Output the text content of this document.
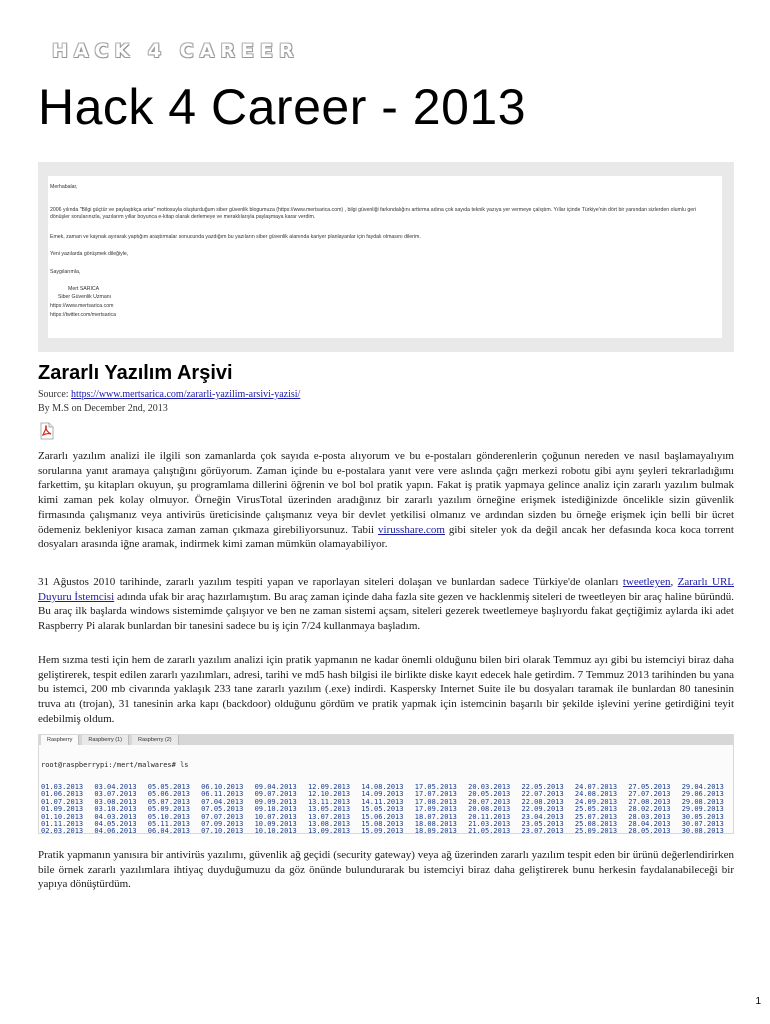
HACK 4 CAREER
Hack 4 Career - 2013

Merhabalar,

2006 yılında "Bilgi güçtür ve paylaştıkça artar" mottosuyla oluşturduğum siber güvenlik blogumuza (https://www.mertsarica.com) , bilgi güvenliği farkındalığını arttırma adına çok sayıda teknik yazıya yer vermeye çalıştım. Yıllar içinde Türkiye'nin dört bir yanından sizlerden olumlu geri dönüşler sorularınızla, yazılarım yıllar boyunca e-kitap olarak derlemeye ve meraklılarıyla paylaşmaya karar verdim.

Emek, zaman ve kaynak ayırarak yaptığım araştırmalar sonucunda yazdığım bu yazıların siber güvenlik alanında kariyer planlayanlar için faydalı olmasını dilerim.

Yeni yazılarda görüşmek dileğiyle,

Saygılarımla,

Mert SARICA

Siber Güvenlik Uzmanı

https://www.mertsarica.com

https://twitter.com/mertsarica

Zararlı Yazılım Arşivi
Source: https://www.mertsarica.com/zararli-yazilim-arsivi-yazisi/
By M.S on December 2nd, 2013

Zararlı yazılım analizi ile ilgili son zamanlarda çok sayıda e-posta alıyorum ve bu e-postaları gönderenlerin çoğunun nereden ve nasıl başlamayalıyım sorularına yanıt aramaya çalıştığını görüyorum. Zaman içinde bu e-postalara yanıt vere vere aslında çağrı merkezi robotu gibi aynı şeyleri tekrarladığımı farkettim, şu kitapları okuyun, şu programlama dillerini öğrenin ve bol bol pratik yapın. Fakat iş pratik yapmaya gelince analiz için zararlı yazılım bulmak kimi zaman pek kolay olmuyor. Örneğin VirusTotal üzerinden aradığınız bir zararlı yazılım örneğine erişmek istediğinizde öncelikle sizin güvenlik firmasında çalışmanız veya antivirüs üreticisinde çalışmanız veya bir devlet yetkilisi olmanız ve ardından sizden bu örneğe erişmek için belli bir ücret ödemeniz bekleniyor kısaca zaman zaman çıkmaza girebiliyorsunuz. Tabii virusshare.com gibi siteler yok da değil ancak her defasında koca koca torrent dosyaları arasında iğne aramak, indirmek kimi zaman mümkün olamayabiliyor.

31 Ağustos 2010 tarihinde, zararlı yazılım tespiti yapan ve raporlayan siteleri dolaşan ve bunlardan sadece Türkiye'de olanları tweetleyen, Zararlı URL Duyuru İstemcisi adında ufak bir araç hazırlamıştım. Bu araç zaman içinde daha fazla site gezen ve hacklenmiş siteleri de tweetleyen bir araç haline büründü. Bu araç ilk başlarda windows sistemimde çalışıyor ve ben ne zaman sistemi açsam, siteleri gezerek tweetlemeye başlıyordu fakat geçtiğimiz aylarda iki adet Raspberry Pi alarak bunlardan bir tanesini sadece bu iş için 7/24 kullanmaya başladım.

Hem sızma testi için hem de zararlı yazılım analizi için pratik yapmanın ne kadar önemli olduğunu bilen biri olarak Temmuz ayı gibi bu istemciyi biraz daha geliştirerek, tespit edilen zararlı yazılımları, adresi, tarihi ve md5 hash bilgisi ile birlikte diske kayıt edecek hale getirdim. 7 Temmuz 2013 tarihinden bu yana bu istemci, 200 mb civarında yaklaşık 233 tane zararlı yazılım (.exe) indirdi. Kaspersky Internet Suite ile bu dosyaları taramak ile bunlardan 80 tanesinin truva atı (trojan), 31 tanesinin arka kapı (backdoor) olduğunu gördüm ve pratik yapmak için istemcinin başarılı bir şekilde işlevini yerine getirdiğini teyit edebilmiş oldum.

Raspberry	Raspberry (1)	Raspberry (2)

root@raspberrypi:/mert/malwares# ls

01.03.2013	03.04.2013	05.05.2013	06.10.2013	09.04.2013	12.09.2013	14.08.2013	17.05.2013	20.03.2013	22.05.2013	24.07.2013	27.05.2013	29.04.2013
01.06.2013	03.07.2013	05.06.2013	06.11.2013	09.07.2013	12.10.2013	14.09.2013	17.07.2013	20.05.2013	22.07.2013	24.08.2013	27.07.2013	29.06.2013
01.07.2013	03.08.2013	05.07.2013	07.04.2013	09.09.2013	13.11.2013	14.11.2013	17.08.2013	20.07.2013	22.08.2013	24.09.2013	27.08.2013	29.08.2013
01.09.2013	03.10.2013	05.09.2013	07.05.2013	09.10.2013	13.05.2013	15.05.2013	17.09.2013	20.08.2013	22.09.2013	25.05.2013	28.02.2013	29.09.2013
01.10.2013	04.03.2013	05.10.2013	07.07.2013	10.07.2013	13.07.2013	15.06.2013	18.07.2013	20.11.2013	23.04.2013	25.07.2013	28.03.2013	30.05.2013
01.11.2013	04.05.2013	05.11.2013	07.09.2013	10.09.2013	13.08.2013	15.08.2013	18.08.2013	21.03.2013	23.05.2013	25.08.2013	28.04.2013	30.07.2013
02.03.2013	04.06.2013	06.04.2013	07.10.2013	10.10.2013	13.09.2013	15.09.2013	18.09.2013	21.05.2013	23.07.2013	25.09.2013	28.05.2013	30.08.2013

Pratik yapmanın yanısıra bir antivirüs yazılımı, güvenlik ağ geçidi (security gateway) veya ağ üzerinden zararlı yazılım tespit eden bir ürünü değerlendirirken bile örnek zararlı yazılımlara ihtiyaç duyduğumuzu da göz önünde bulundurarak bu istemciyi biraz daha geliştirerek bunu herkesin faydalanabileceği bir yapıya dönüştürdüm.

1
